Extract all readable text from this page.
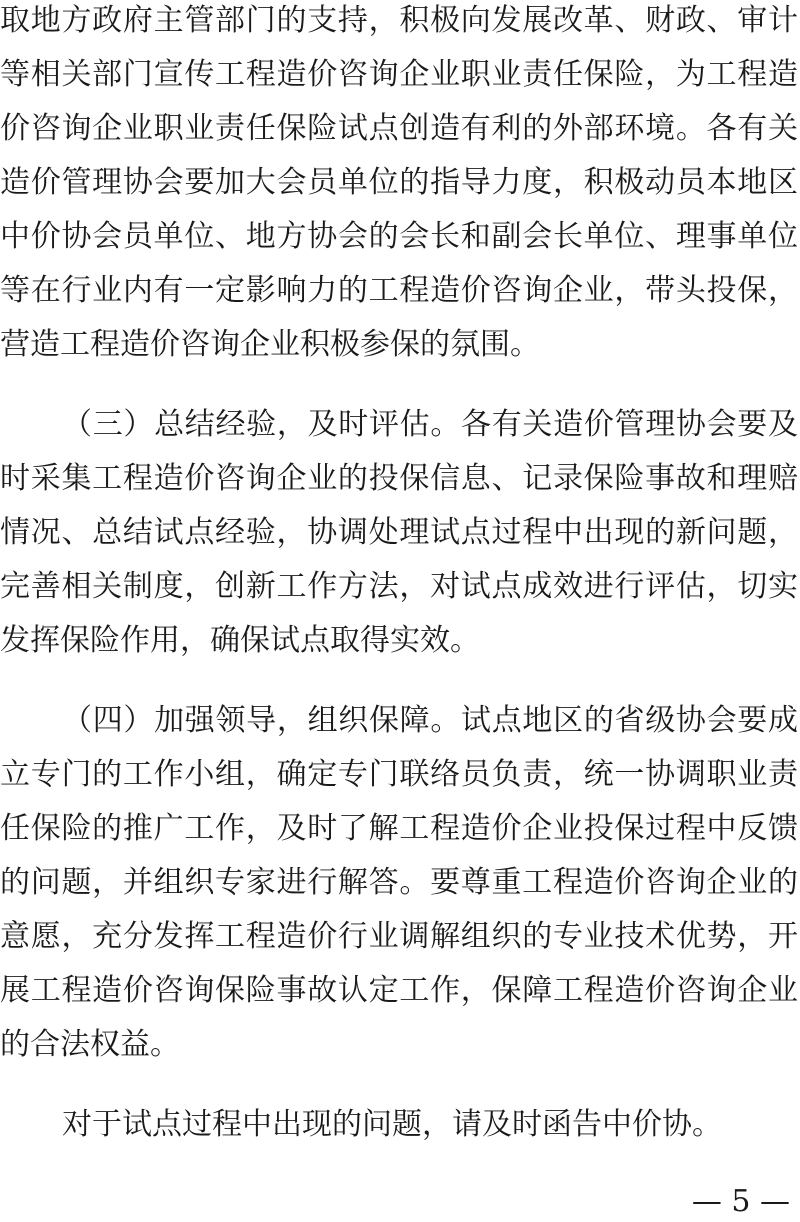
取地方政府主管部门的支持，积极向发展改革、财政、审计
等相关部门宣传工程造价咨询企业职业责任保险，为工程造
价咨询企业职业责任保险试点创造有利的外部环境。各有关
造价管理协会要加大会员单位的指导力度，积极动员本地区
中价协会员单位、地方协会的会长和副会长单位、理事单位
等在行业内有一定影响力的工程造价咨询企业，带头投保，
营造工程造价咨询企业积极参保的氛围。
（三）总结经验，及时评估。各有关造价管理协会要及
时采集工程造价咨询企业的投保信息、记录保险事故和理赔
情况、总结试点经验，协调处理试点过程中出现的新问题，
完善相关制度，创新工作方法，对试点成效进行评估，切实
发挥保险作用，确保试点取得实效。
（四）加强领导，组织保障。试点地区的省级协会要成
立专门的工作小组，确定专门联络员负责，统一协调职业责
任保险的推广工作，及时了解工程造价企业投保过程中反馈
的问题，并组织专家进行解答。要尊重工程造价咨询企业的
意愿，充分发挥工程造价行业调解组织的专业技术优势，开
展工程造价咨询保险事故认定工作，保障工程造价咨询企业
的合法权益。
对于试点过程中出现的问题，请及时函告中价协。
— 5 —
